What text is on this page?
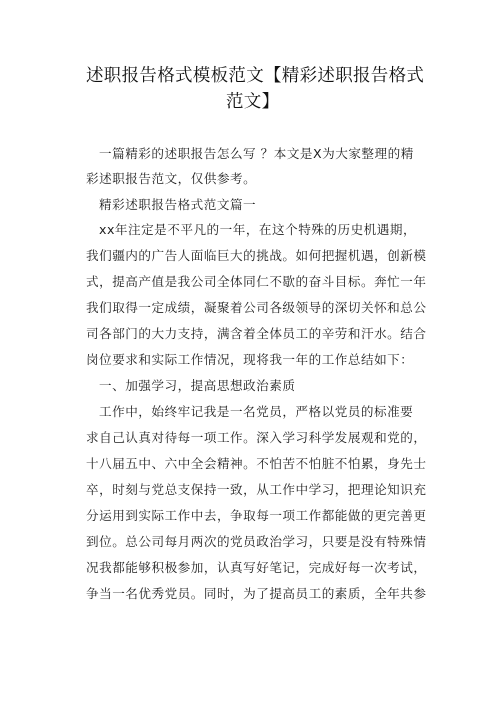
述职报告格式模板范文【精彩述职报告格式
范文】
一篇精彩的述职报告怎么写 ？本文是X为大家整理的精
彩述职报告范文，仅供参考。
精彩述职报告格式范文篇一
xx年注定是不平凡的一年，在这个特殊的历史机遇期，
我们疆内的广告人面临巨大的挑战。如何把握机遇，创新模
式，提高产值是我公司全体同仁不歇的奋斗目标。奔忙一年
我们取得一定成绩，凝聚着公司各级领导的深切关怀和总公
司各部门的大力支持，满含着全体员工的辛劳和汗水。结合
岗位要求和实际工作情况，现将我一年的工作总结如下：
一、加强学习，提高思想政治素质
工作中，始终牢记我是一名党员，严格以党员的标准要
求自己认真对待每一项工作。深入学习科学发展观和党的，
十八届五中、六中全会精神。不怕苦不怕脏不怕累，身先士
卒，时刻与党总支保持一致，从工作中学习，把理论知识充
分运用到实际工作中去，争取每一项工作都能做的更完善更
到位。总公司每月两次的党员政治学习，只要是没有特殊情
况我都能够积极参加，认真写好笔记，完成好每一次考试，
争当一名优秀党员。同时，为了提高员工的素质，全年共参
